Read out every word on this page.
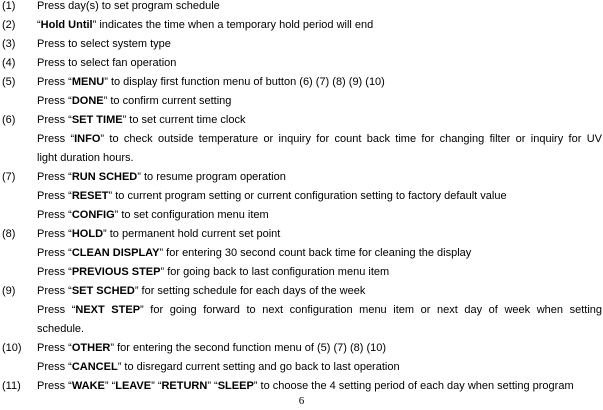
(1) Press day(s) to set program schedule
(2) “Hold Until” indicates the time when a temporary hold period will end
(3) Press to select system type
(4) Press to select fan operation
(5) Press “MENU” to display first function menu of button (6) (7) (8) (9) (10)
Press “DONE” to confirm current setting
(6) Press “SET TIME” to set current time clock
Press “INFO” to check outside temperature or inquiry for count back time for changing filter or inquiry for UV
light duration hours.
(7) Press “RUN SCHED” to resume program operation
Press “RESET” to current program setting or current configuration setting to factory default value
Press “CONFIG” to set configuration menu item
(8) Press “HOLD” to permanent hold current set point
Press “CLEAN DISPLAY” for entering 30 second count back time for cleaning the display
Press “PREVIOUS STEP” for going back to last configuration menu item
(9) Press “SET SCHED” for setting schedule for each days of the week
Press “NEXT STEP” for going forward to next configuration menu item or next day of week when setting
schedule.
(10) Press “OTHER” for entering the second function menu of (5) (7) (8) (10)
Press “CANCEL” to disregard current setting and go back to last operation
(11) Press “WAKE” “LEAVE” “RETURN” “SLEEP” to choose the 4 setting period of each day when setting program
6
